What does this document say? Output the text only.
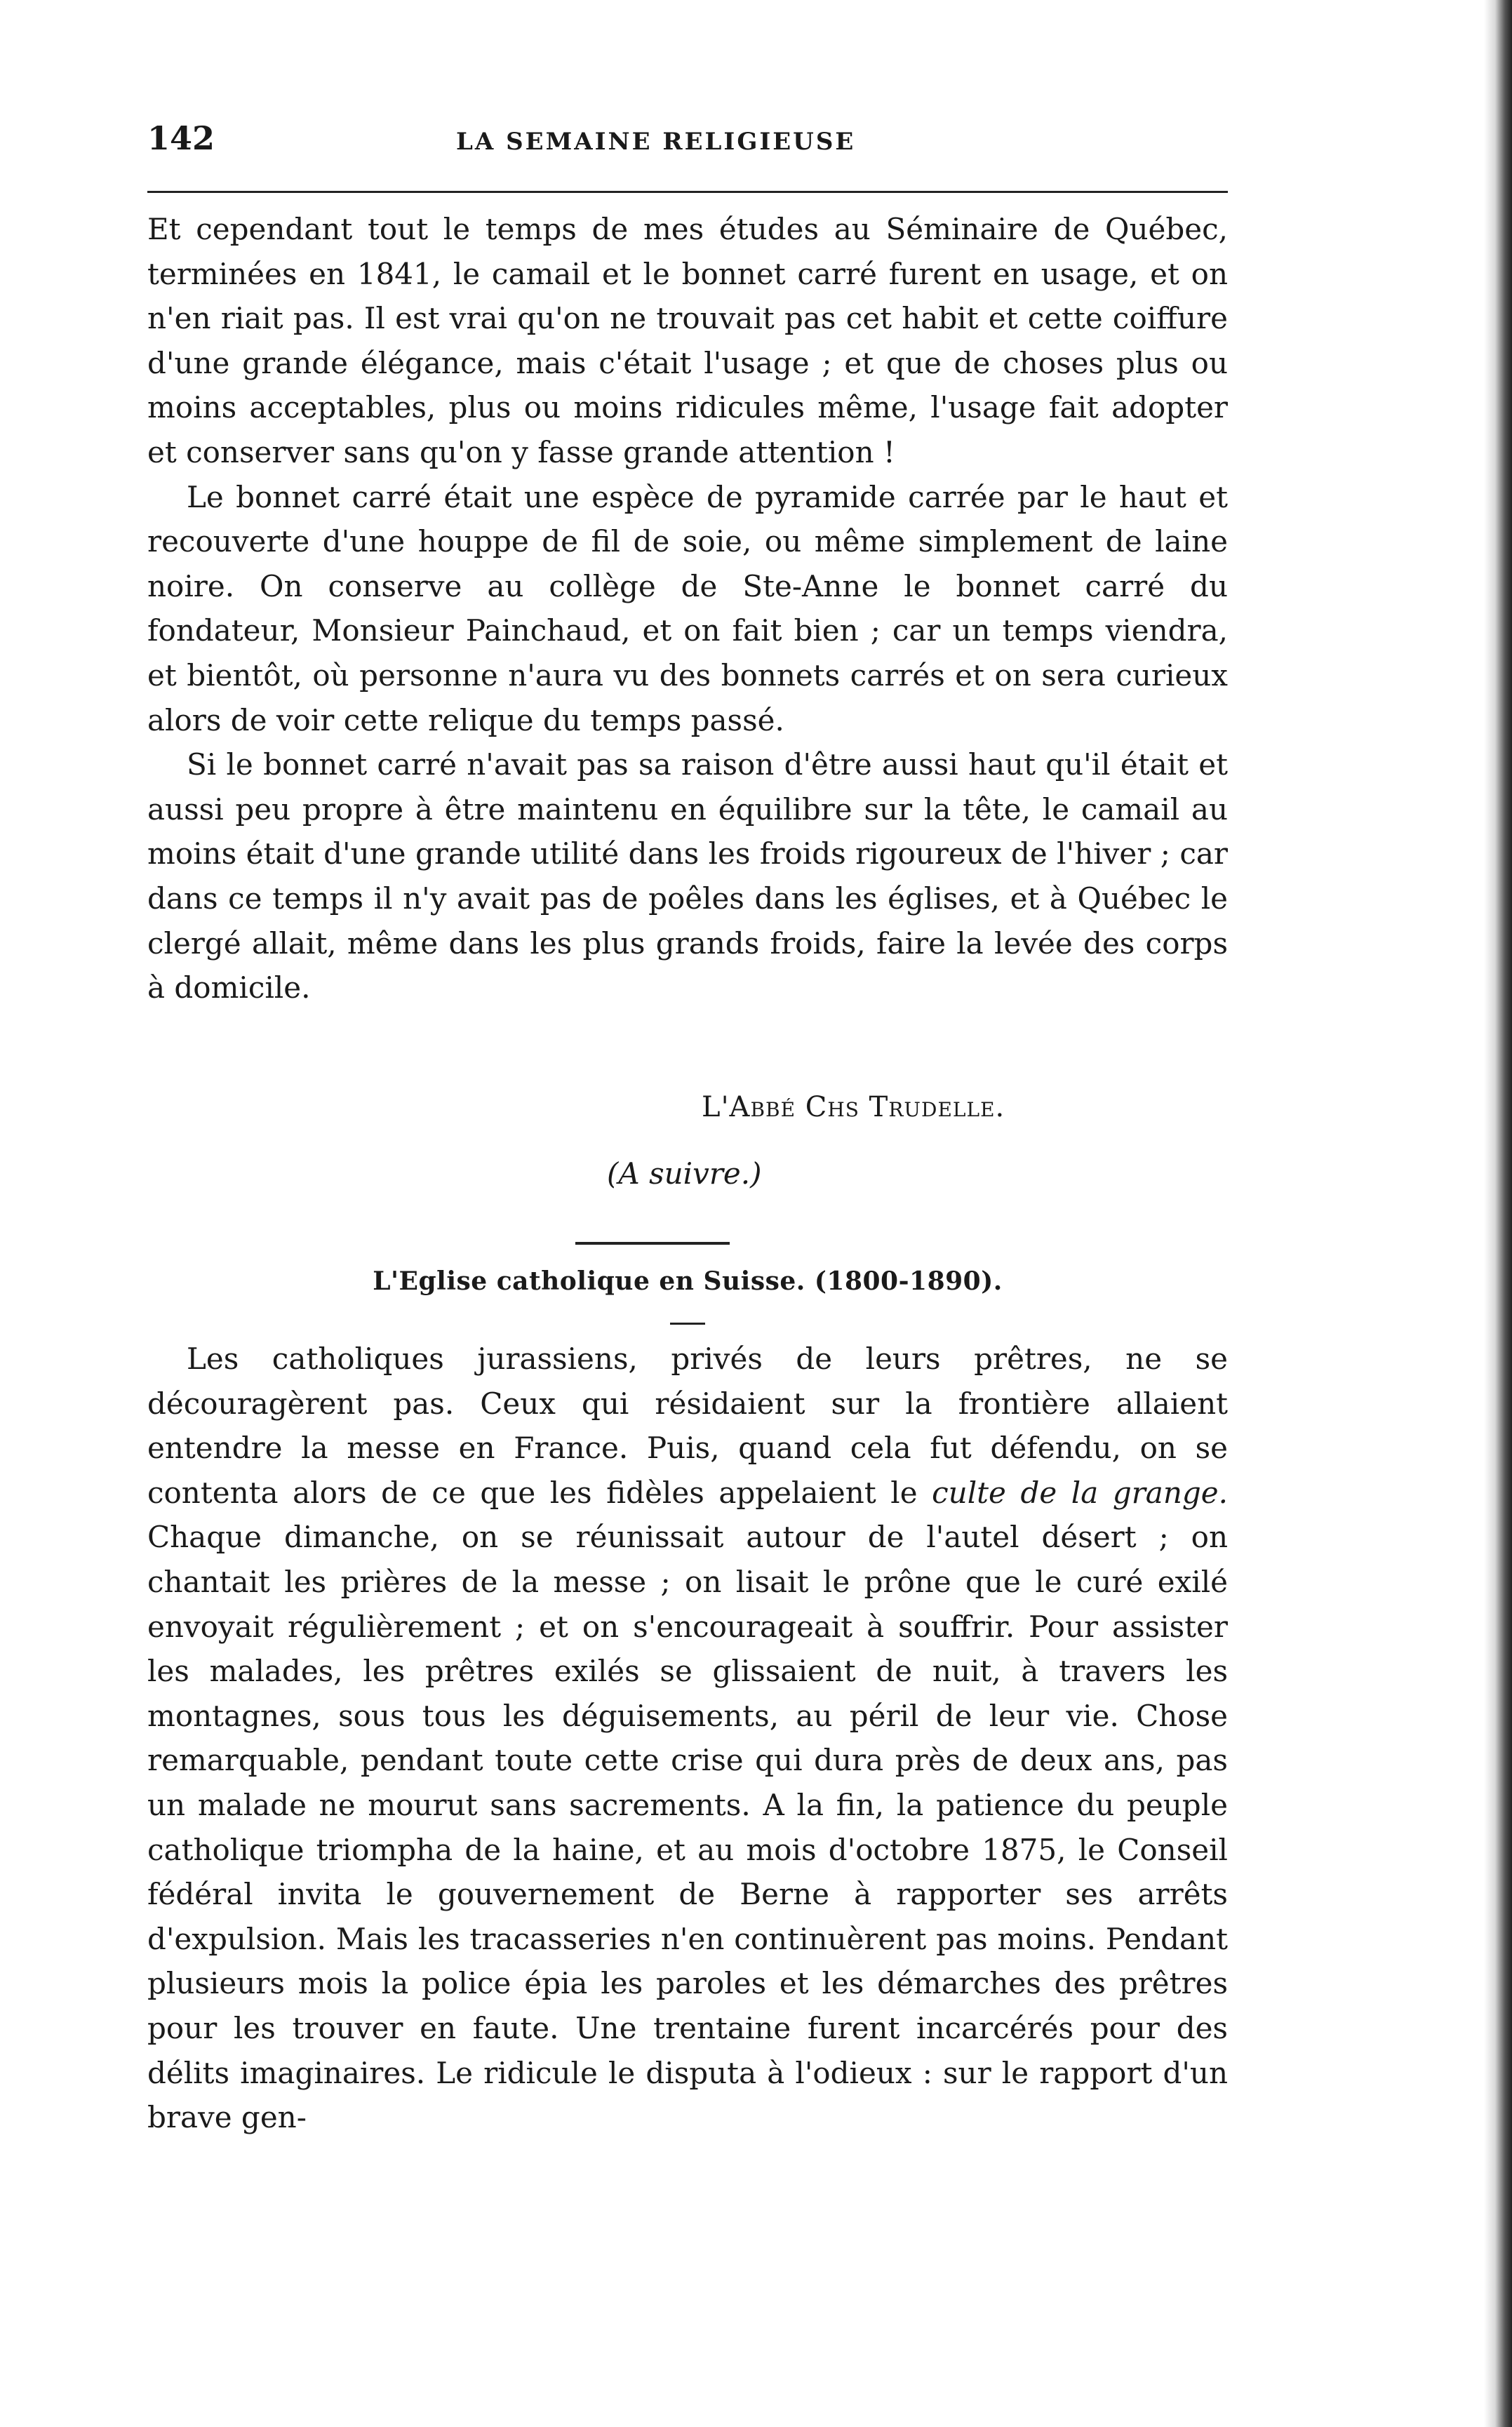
142	LA SEMAINE RELIGIEUSE

Et cependant tout le temps de mes études au Séminaire de Québec, terminées en 1841, le camail et le bonnet carré furent en usage, et on n'en riait pas. Il est vrai qu'on ne trouvait pas cet habit et cette coiffure d'une grande élégance, mais c'était l'usage ; et que de choses plus ou moins acceptables, plus ou moins ridicules même, l'usage fait adopter et conserver sans qu'on y fasse grande attention !

Le bonnet carré était une espèce de pyramide carrée par le haut et recouverte d'une houppe de fil de soie, ou même simplement de laine noire. On conserve au collège de Ste-Anne le bonnet carré du fondateur, Monsieur Painchaud, et on fait bien ; car un temps viendra, et bientôt, où personne n'aura vu des bonnets carrés et on sera curieux alors de voir cette relique du temps passé.

Si le bonnet carré n'avait pas sa raison d'être aussi haut qu'il était et aussi peu propre à être maintenu en équilibre sur la tête, le camail au moins était d'une grande utilité dans les froids rigoureux de l'hiver ; car dans ce temps il n'y avait pas de poêles dans les églises, et à Québec le clergé allait, même dans les plus grands froids, faire la levée des corps à domicile.

L'Abbé Chs Trudelle.
(A suivre.)
L'Eglise catholique en Suisse. (1800-1890).

Les catholiques jurassiens, privés de leurs prêtres, ne se découragèrent pas. Ceux qui résidaient sur la frontière allaient entendre la messe en France. Puis, quand cela fut défendu, on se contenta alors de ce que les fidèles appelaient le culte de la grange. Chaque dimanche, on se réunissait autour de l'autel désert ; on chantait les prières de la messe ; on lisait le prône que le curé exilé envoyait régulièrement ; et on s'encourageait à souffrir. Pour assister les malades, les prêtres exilés se glissaient de nuit, à travers les montagnes, sous tous les déguisements, au péril de leur vie. Chose remarquable, pendant toute cette crise qui dura près de deux ans, pas un malade ne mourut sans sacrements. A la fin, la patience du peuple catholique triompha de la haine, et au mois d'octobre 1875, le Conseil fédéral invita le gouvernement de Berne à rapporter ses arrêts d'expulsion. Mais les tracasseries n'en continuèrent pas moins. Pendant plusieurs mois la police épia les paroles et les démarches des prêtres pour les trouver en faute. Une trentaine furent incarcérés pour des délits imaginaires. Le ridicule le disputa à l'odieux : sur le rapport d'un brave gen-
